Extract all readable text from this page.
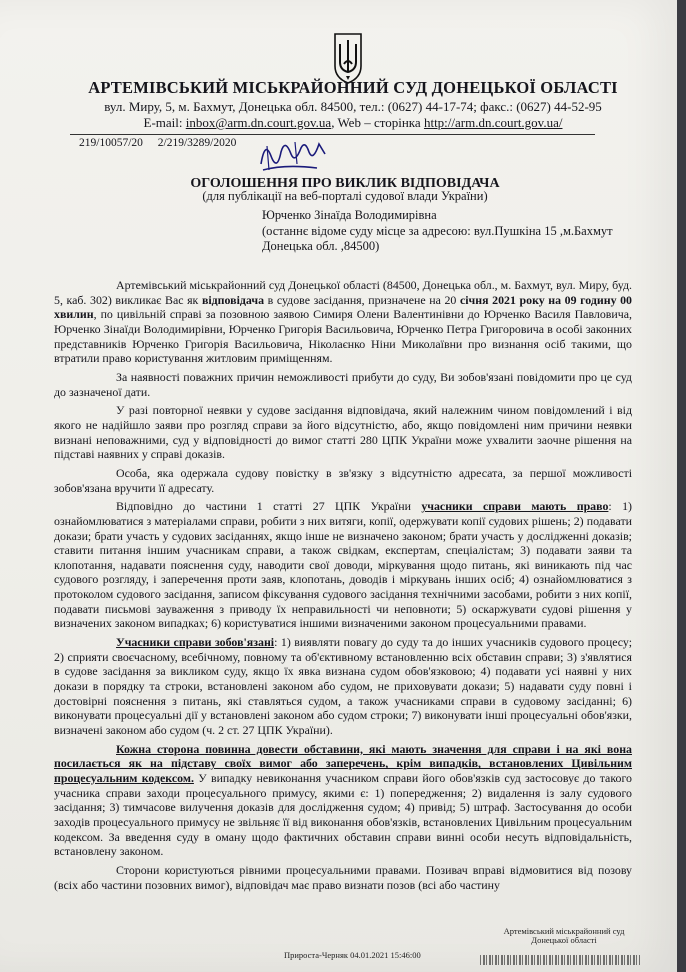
АРТЕМІВСЬКИЙ МІСЬКРАЙОННИЙ СУД ДОНЕЦЬКОЇ ОБЛАСТІ
вул. Миру, 5, м. Бахмут, Донецька обл. 84500, тел.: (0627) 44-17-74; факс.: (0627) 44-52-95
E-mail: inbox@arm.dn.court.gov.ua, Web – сторінка http://arm.dn.court.gov.ua/
219/10057/20 2/219/3289/2020
ОГОЛОШЕННЯ ПРО ВИКЛИК ВІДПОВІДАЧА
(для публікації на веб-порталі судової влади України)
Юрченко Зінаїда Володимирівна
(останнє відоме суду місце за адресою: вул.Пушкіна 15 ,м.Бахмут
Донецька обл. ,84500)

Артемівський міськрайонний суд Донецької області (84500, Донецька обл., м. Бахмут, вул. Миру, буд. 5, каб. 302) викликає Вас як відповідача в судове засідання, призначене на 20 січня 2021 року на 09 годину 00 хвилин, по цивільній справі за позовною заявою Симиря Олени Валентинівни до Юрченко Василя Павловича, Юрченко Зінаїди Володимирівни, Юрченко Григорія Васильовича, Юрченко Петра Григоровича в особі законних представників Юрченко Григорія Васильовича, Ніколаєнко Ніни Миколаївни про визнання осіб такими, що втратили право користування житловим приміщенням.

За наявності поважних причин неможливості прибути до суду, Ви зобов'язані повідомити про це суд до зазначеної дати.

У разі повторної неявки у судове засідання відповідача, який належним чином повідомлений і від якого не надійшло заяви про розгляд справи за його відсутністю, або, якщо повідомлені ним причини неявки визнані неповажними, суд у відповідності до вимог статті 280 ЦПК України може ухвалити заочне рішення на підставі наявних у справі доказів.

Особа, яка одержала судову повістку в зв'язку з відсутністю адресата, за першої можливості зобов'язана вручити її адресату.

Відповідно до частини 1 статті 27 ЦПК України учасники справи мають право: 1) ознайомлюватися з матеріалами справи, робити з них витяги, копії, одержувати копії судових рішень; 2) подавати докази; брати участь у судових засіданнях, якщо інше не визначено законом; брати участь у дослідженні доказів; ставити питання іншим учасникам справи, а також свідкам, експертам, спеціалістам; 3) подавати заяви та клопотання, надавати пояснення суду, наводити свої доводи, міркування щодо питань, які виникають під час судового розгляду, і заперечення проти заяв, клопотань, доводів і міркувань інших осіб; 4) ознайомлюватися з протоколом судового засідання, записом фіксування судового засідання технічними засобами, робити з них копії, подавати письмові зауваження з приводу їх неправильності чи неповноти; 5) оскаржувати судові рішення у визначених законом випадках; 6) користуватися іншими визначеними законом процесуальними правами.

Учасники справи зобов'язані: 1) виявляти повагу до суду та до інших учасників судового процесу; 2) сприяти своєчасному, всебічному, повному та об'єктивному встановленню всіх обставин справи; 3) з'являтися в судове засідання за викликом суду, якщо їх явка визнана судом обов'язковою; 4) подавати усі наявні у них докази в порядку та строки, встановлені законом або судом, не приховувати докази; 5) надавати суду повні і достовірні пояснення з питань, які ставляться судом, а також учасниками справи в судовому засіданні; 6) виконувати процесуальні дії у встановлені законом або судом строки; 7) виконувати інші процесуальні обов'язки, визначені законом або судом (ч. 2 ст. 27 ЦПК України).

Кожна сторона повинна довести обставини, які мають значення для справи і на які вона посилається як на підставу своїх вимог або заперечень, крім випадків, встановлених Цивільним процесуальним кодексом. У випадку невиконання учасником справи його обов'язків суд застосовує до такого учасника справи заходи процесуального примусу, якими є: 1) попередження; 2) видалення із залу судового засідання; 3) тимчасове вилучення доказів для дослідження судом; 4) привід; 5) штраф. Застосування до особи заходів процесуального примусу не звільняє її від виконання обов'язків, встановлених Цивільним процесуальним кодексом. За введення суду в оману щодо фактичних обставин справи винні особи несуть відповідальність, встановлену законом.

Сторони користуються рівними процесуальними правами. Позивач вправі відмовитися від позову (всіх або частини позовних вимог), відповідач має право визнати позов (всі або частину

Артемівський міськрайонний суд
Донецької області
Прироста-Черняк 04.01.2021 15:46:00
